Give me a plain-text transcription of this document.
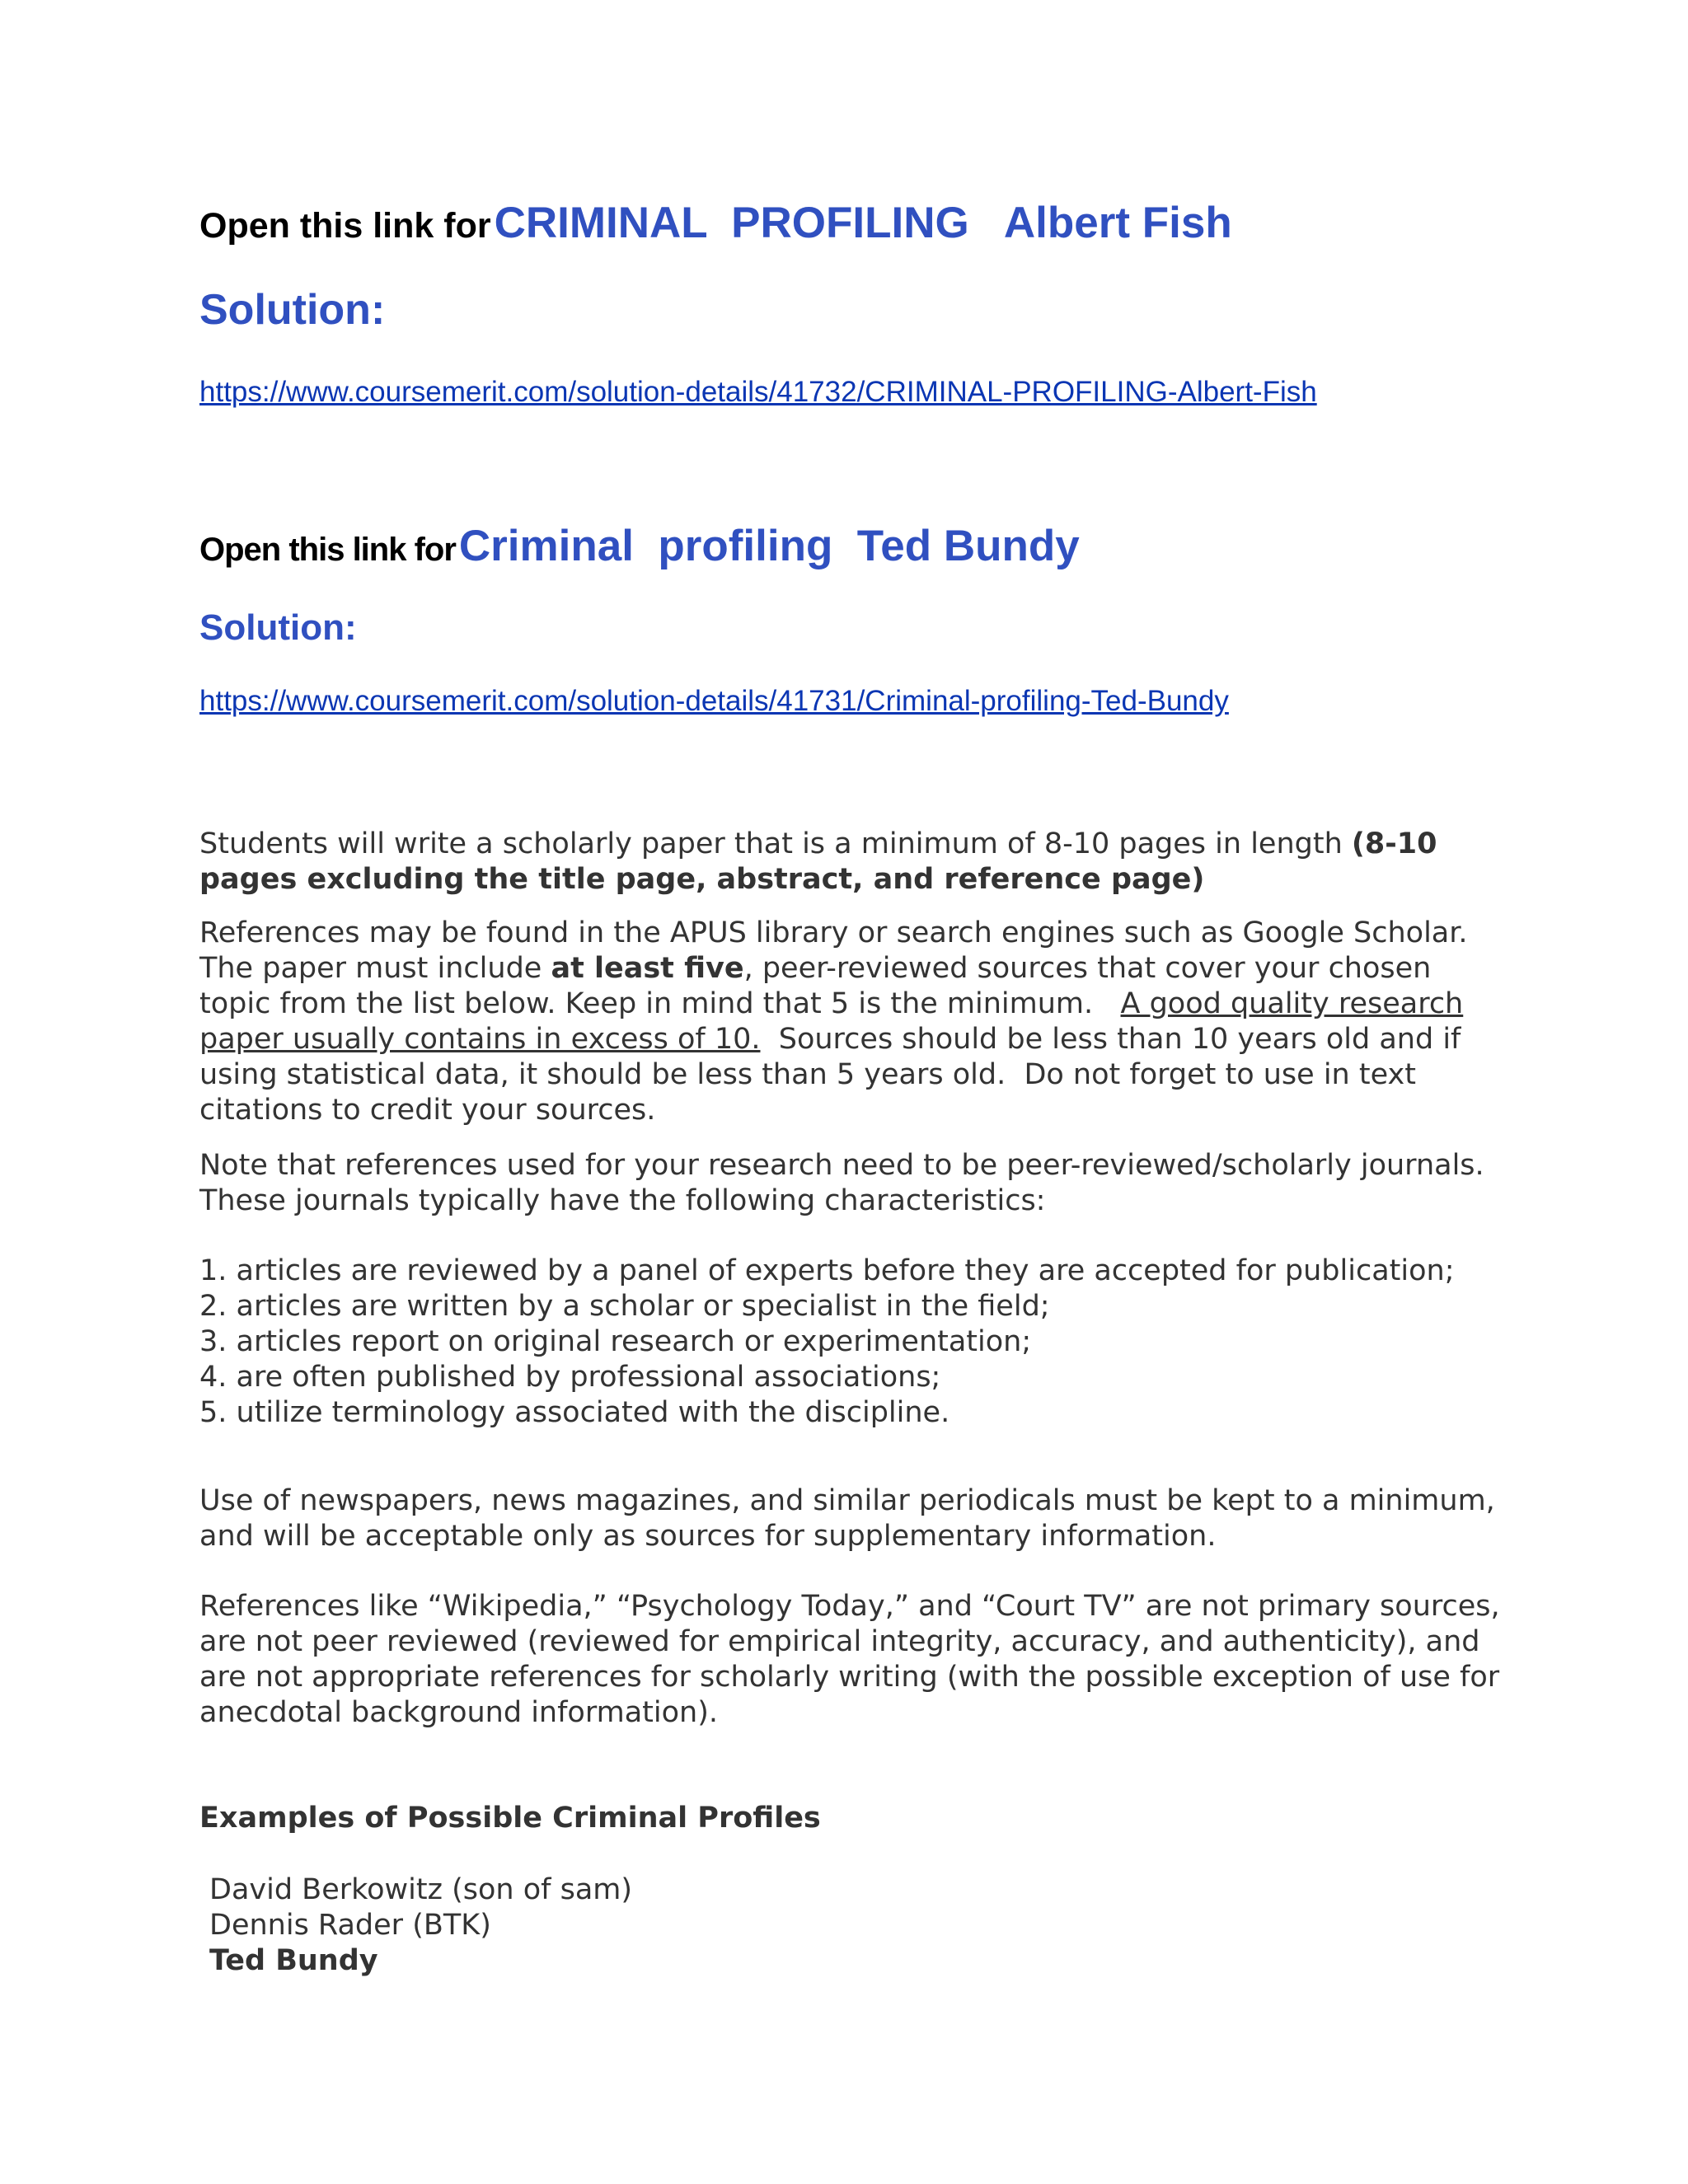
Open this link for CRIMINAL  PROFILING   Albert Fish
Solution:
https://www.coursemerit.com/solution-details/41732/CRIMINAL-PROFILING-Albert-Fish
Open this link for Criminal  profiling  Ted Bundy
Solution:
https://www.coursemerit.com/solution-details/41731/Criminal-profiling-Ted-Bundy

Students will write a scholarly paper that is a minimum of 8-10 pages in length (8-10 pages excluding the title page, abstract, and reference page)

References may be found in the APUS library or search engines such as Google Scholar. The paper must include at least five, peer-reviewed sources that cover your chosen topic from the list below. Keep in mind that 5 is the minimum.   A good quality research paper usually contains in excess of 10.  Sources should be less than 10 years old and if using statistical data, it should be less than 5 years old.  Do not forget to use in text citations to credit your sources.

Note that references used for your research need to be peer-reviewed/scholarly journals. These journals typically have the following characteristics:

1. articles are reviewed by a panel of experts before they are accepted for publication;

2. articles are written by a scholar or specialist in the field;

3. articles report on original research or experimentation;

4. are often published by professional associations;

5. utilize terminology associated with the discipline.

Use of newspapers, news magazines, and similar periodicals must be kept to a minimum, and will be acceptable only as sources for supplementary information.

References like “Wikipedia,” “Psychology Today,” and “Court TV” are not primary sources, are not peer reviewed (reviewed for empirical integrity, accuracy, and authenticity), and are not appropriate references for scholarly writing (with the possible exception of use for anecdotal background information).

Examples of Possible Criminal Profiles
David Berkowitz (son of sam)
Dennis Rader (BTK)
Ted Bundy
